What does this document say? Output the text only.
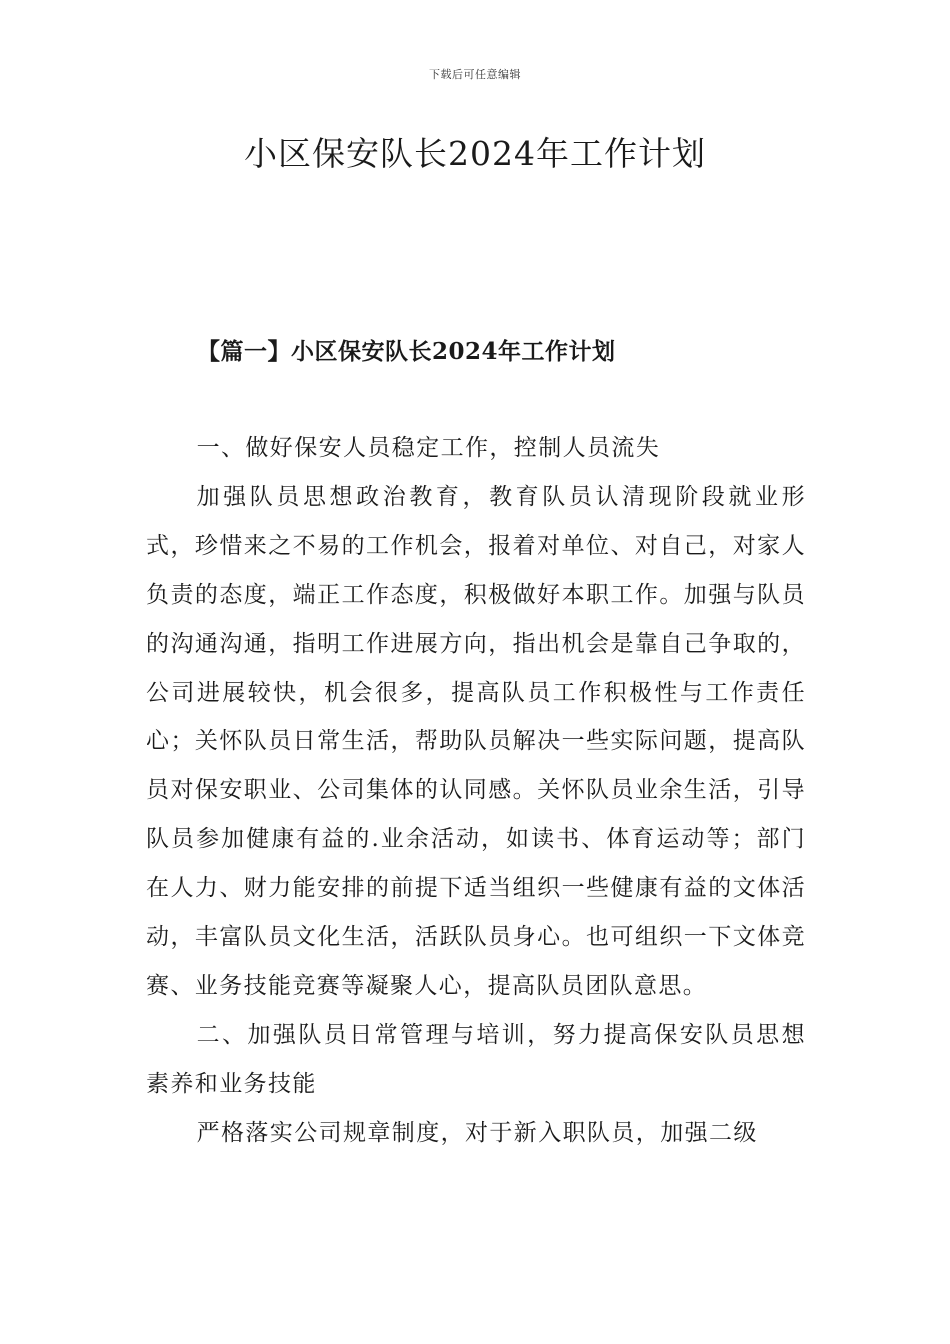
下载后可任意编辑
小区保安队长2024年工作计划
【篇一】小区保安队长2024年工作计划

一、做好保安人员稳定工作，控制人员流失

加强队员思想政治教育，教育队员认清现阶段就业形式，珍惜来之不易的工作机会，报着对单位、对自己，对家人负责的态度，端正工作态度，积极做好本职工作。加强与队员的沟通沟通，指明工作进展方向，指出机会是靠自己争取的，公司进展较快，机会很多，提高队员工作积极性与工作责任心；关怀队员日常生活，帮助队员解决一些实际问题，提高队员对保安职业、公司集体的认同感。关怀队员业余生活，引导队员参加健康有益的.业余活动，如读书、体育运动等；部门在人力、财力能安排的前提下适当组织一些健康有益的文体活动，丰富队员文化生活，活跃队员身心。也可组织一下文体竞赛、业务技能竞赛等凝聚人心，提高队员团队意思。

二、加强队员日常管理与培训，努力提高保安队员思想素养和业务技能

严格落实公司规章制度，对于新入职队员，加强二级
